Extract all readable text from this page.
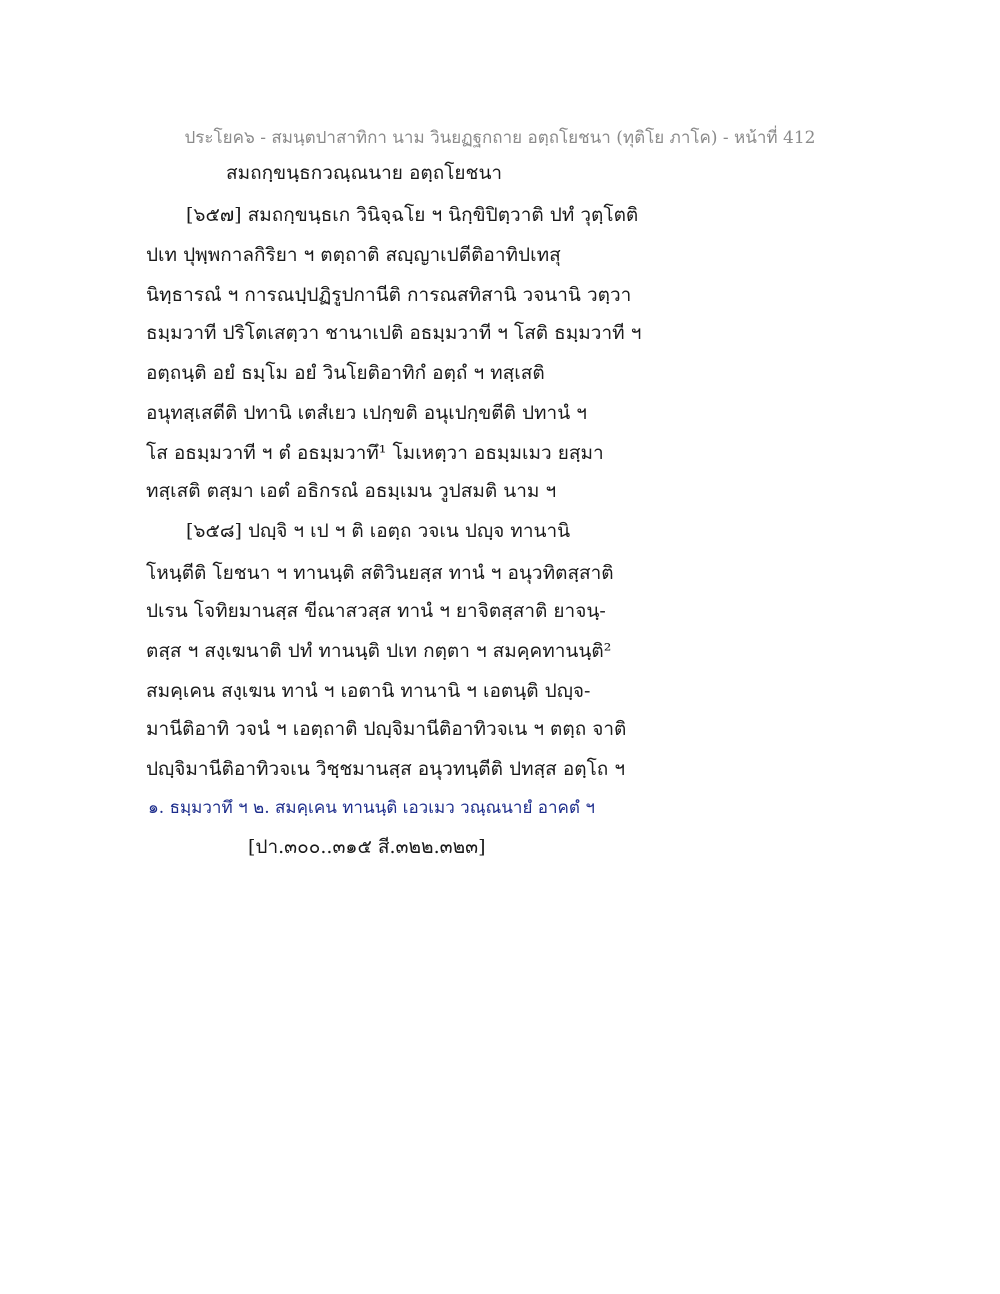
ประโยค๖ - สมนฺตปาสาทิกา นาม วินยฏฐกถาย อตฺถโยชนา (ทุติโย ภาโค) - หน้าที่ 412
สมถกฺขนฺธกวณฺณนาย อตฺถโยชนา
[๖๕๗] สมถกฺขนฺธเก วินิจฺฉโย ฯ นิกฺขิปิตฺวาติ ปทํ วุตฺโตติ
ปเท ปุพฺพกาลกิริยา ฯ ตตฺถาติ สญฺญาเปตีติอาทิปเทสุ
นิทฺธารณํ ฯ การณปฺปฏิรูปกานีติ การณสทิสานิ วจนานิ วตฺวา
ธมฺมวาที ปริโตเสตฺวา ชานาเปติ อธมฺมวาที ฯ โสติ ธมฺมวาที ฯ
อตฺถนฺติ อยํ ธมฺโม อยํ วินโยติอาทิกํ อตฺถํ ฯ ทสฺเสติ
อนุทสฺเสตีติ ปทานิ เตสํเยว เปกฺขติ อนุเปกฺขตีติ ปทานํ ฯ
โส อธมฺมวาที ฯ ตํ อธมฺมวาทึ¹ โมเหตฺวา อธมฺมเมว ยสฺมา
ทสฺเสติ ตสฺมา เอตํ อธิกรณํ อธมฺเมน วูปสมติ นาม ฯ
[๖๕๘] ปญฺจิ ฯ เป ฯ ติ เอตฺถ วจเน ปญฺจ ทานานิ
โหนฺตีติ โยชนา ฯ ทานนฺติ สติวินยสฺส ทานํ ฯ อนุวทิตสฺสาติ
ปเรน โจทิยมานสฺส ขีณาสวสฺส ทานํ ฯ ยาจิตสฺสาติ ยาจนฺ-
ตสฺส ฯ สงฺเฆนาติ ปทํ ทานนฺติ ปเท กตฺตา ฯ สมคฺคทานนฺติ²
สมคฺเคน สงฺเฆน ทานํ ฯ เอตานิ ทานานิ ฯ เอตนฺติ ปญฺจ-
มานีติอาทิ วจนํ ฯ เอตฺถาติ ปญฺจิมานีติอาทิวจเน ฯ ตตฺถ จาติ
ปญฺจิมานีติอาทิวจเน วิชฺชมานสฺส อนุวทนฺตีติ ปทสฺส อตฺโถ ฯ
๑. ธมฺมวาทึ ฯ ๒. สมคฺเคน ทานนฺติ เอวเมว วณฺณนายํ อาคตํ ฯ
[ปา.๓๐๐..๓๑๕ สี.๓๒๒.๓๒๓]
